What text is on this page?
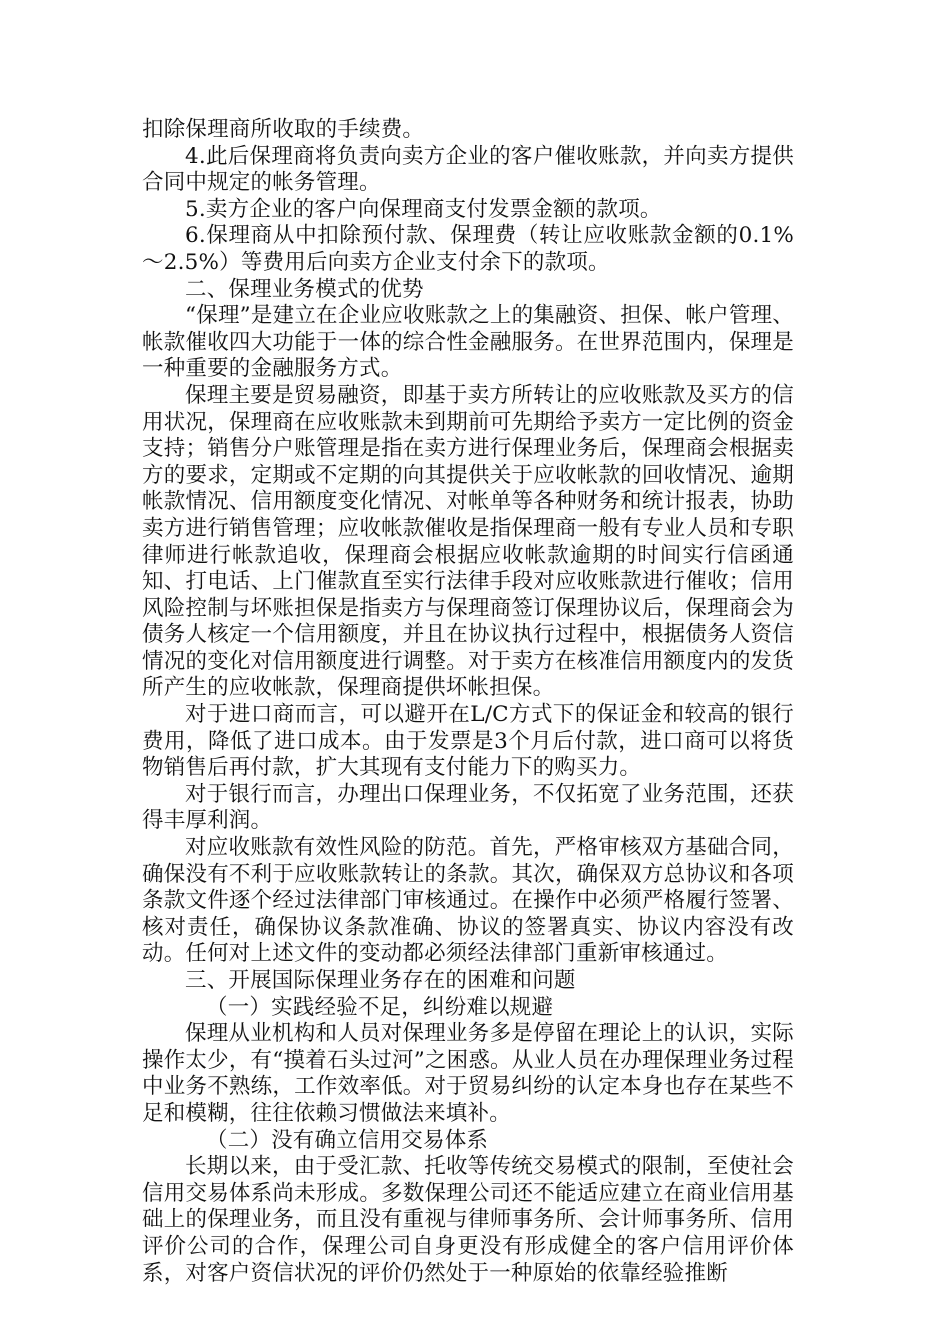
扣除保理商所收取的手续费。

4.此后保理商将负责向卖方企业的客户催收账款，并向卖方提供合同中规定的帐务管理。

5.卖方企业的客户向保理商支付发票金额的款项。

6.保理商从中扣除预付款、保理费（转让应收账款金额的0.1%～2.5%）等费用后向卖方企业支付余下的款项。

二、保理业务模式的优势

“保理”是建立在企业应收账款之上的集融资、担保、帐户管理、帐款催收四大功能于一体的综合性金融服务。在世界范围内，保理是一种重要的金融服务方式。

保理主要是贸易融资，即基于卖方所转让的应收账款及买方的信用状况，保理商在应收账款未到期前可先期给予卖方一定比例的资金支持；销售分户账管理是指在卖方进行保理业务后，保理商会根据卖方的要求，定期或不定期的向其提供关于应收帐款的回收情况、逾期帐款情况、信用额度变化情况、对帐单等各种财务和统计报表，协助卖方进行销售管理；应收帐款催收是指保理商一般有专业人员和专职律师进行帐款追收，保理商会根据应收帐款逾期的时间实行信函通知、打电话、上门催款直至实行法律手段对应收账款进行催收；信用风险控制与坏账担保是指卖方与保理商签订保理协议后，保理商会为债务人核定一个信用额度，并且在协议执行过程中，根据债务人资信情况的变化对信用额度进行调整。对于卖方在核准信用额度内的发货所产生的应收帐款，保理商提供坏帐担保。

对于进口商而言，可以避开在L/C方式下的保证金和较高的银行费用，降低了进口成本。由于发票是3个月后付款，进口商可以将货物销售后再付款，扩大其现有支付能力下的购买力。

对于银行而言，办理出口保理业务，不仅拓宽了业务范围，还获得丰厚利润。

对应收账款有效性风险的防范。首先，严格审核双方基础合同，确保没有不利于应收账款转让的条款。其次，确保双方总协议和各项条款文件逐个经过法律部门审核通过。在操作中必须严格履行签署、核对责任，确保协议条款准确、协议的签署真实、协议内容没有改动。任何对上述文件的变动都必须经法律部门重新审核通过。

三、开展国际保理业务存在的困难和问题

（一）实践经验不足，纠纷难以规避

保理从业机构和人员对保理业务多是停留在理论上的认识，实际操作太少，有“摸着石头过河”之困惑。从业人员在办理保理业务过程中业务不熟练，工作效率低。对于贸易纠纷的认定本身也存在某些不足和模糊，往往依赖习惯做法来填补。

（二）没有确立信用交易体系

长期以来，由于受汇款、托收等传统交易模式的限制，至使社会信用交易体系尚未形成。多数保理公司还不能适应建立在商业信用基础上的保理业务，而且没有重视与律师事务所、会计师事务所、信用评价公司的合作，保理公司自身更没有形成健全的客户信用评价体系，对客户资信状况的评价仍然处于一种原始的依靠经验推断
